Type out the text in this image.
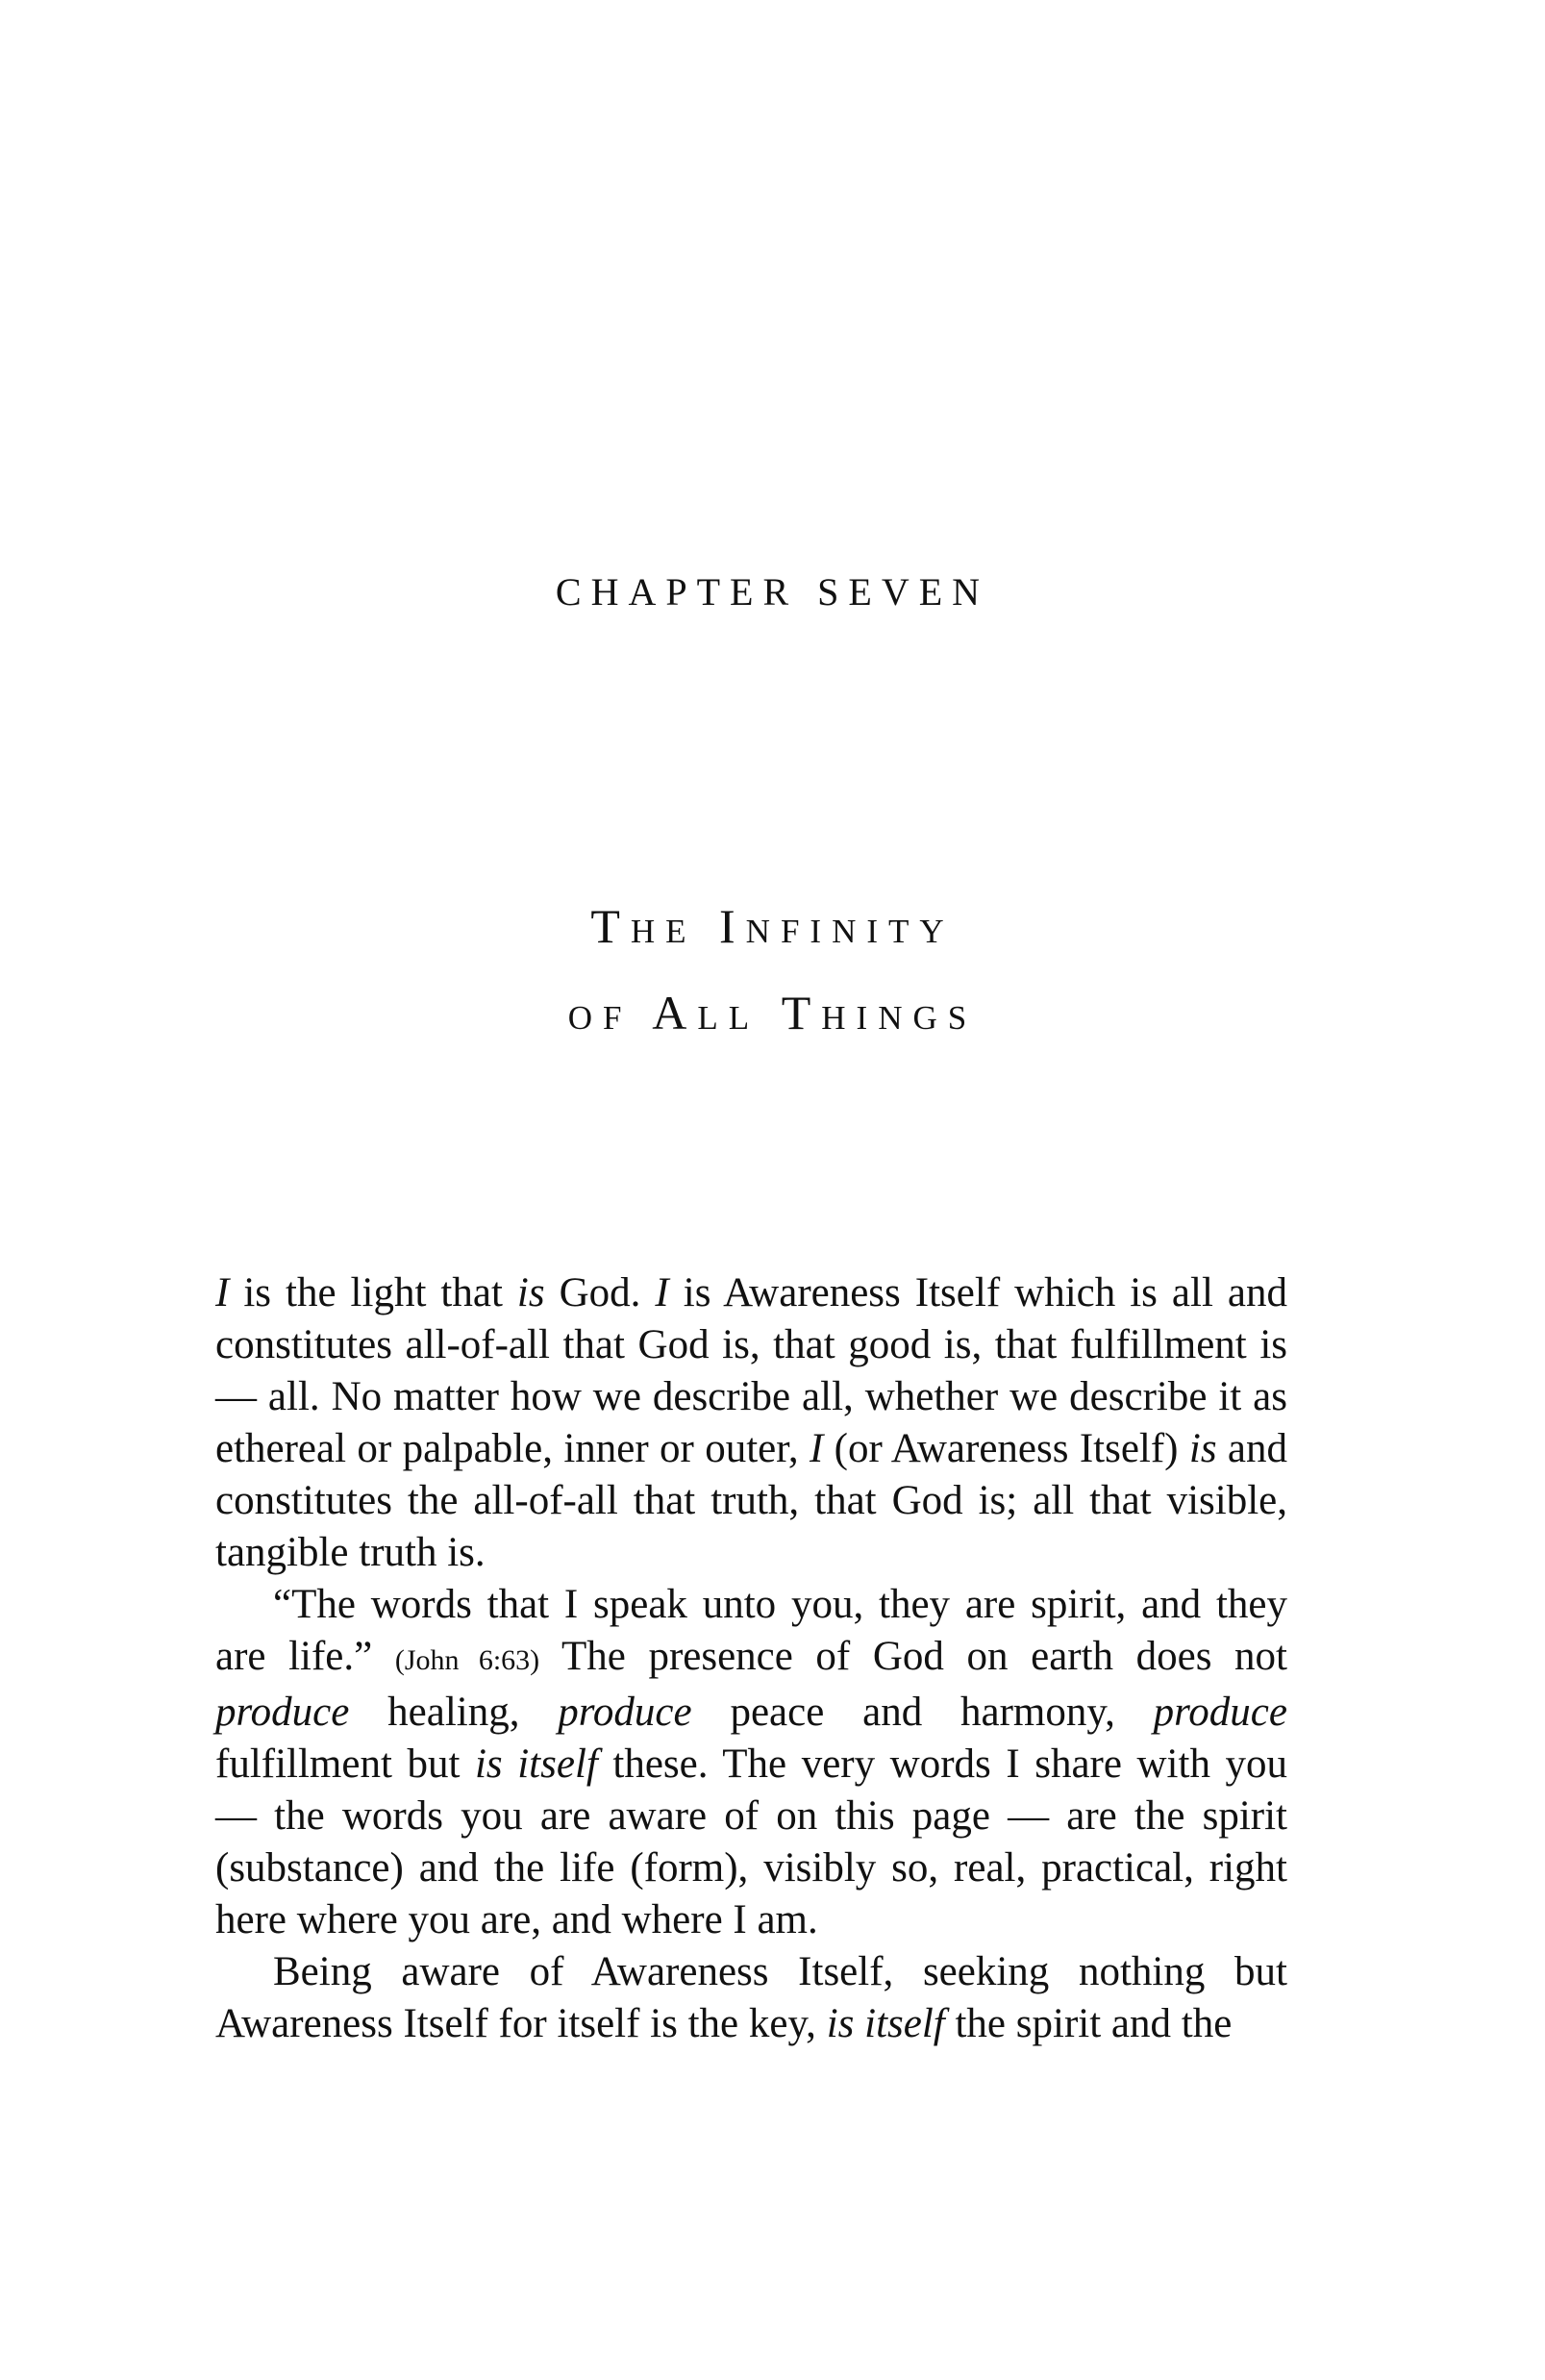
CHAPTER SEVEN
The Infinity
of All Things

I is the light that is God. I is Awareness Itself which is all and constitutes all-of-all that God is, that good is, that fulfillment is — all. No matter how we describe all, whether we describe it as ethereal or palpable, inner or outer, I (or Awareness Itself) is and constitutes the all-of-all that truth, that God is; all that visible, tangible truth is.

“The words that I speak unto you, they are spirit, and they are life.” (John 6:63) The presence of God on earth does not produce healing, produce peace and harmony, produce fulfillment but is itself these. The very words I share with you — the words you are aware of on this page — are the spirit (substance) and the life (form), visibly so, real, practical, right here where you are, and where I am.

Being aware of Awareness Itself, seeking nothing but Awareness Itself for itself is the key, is itself the spirit and the
